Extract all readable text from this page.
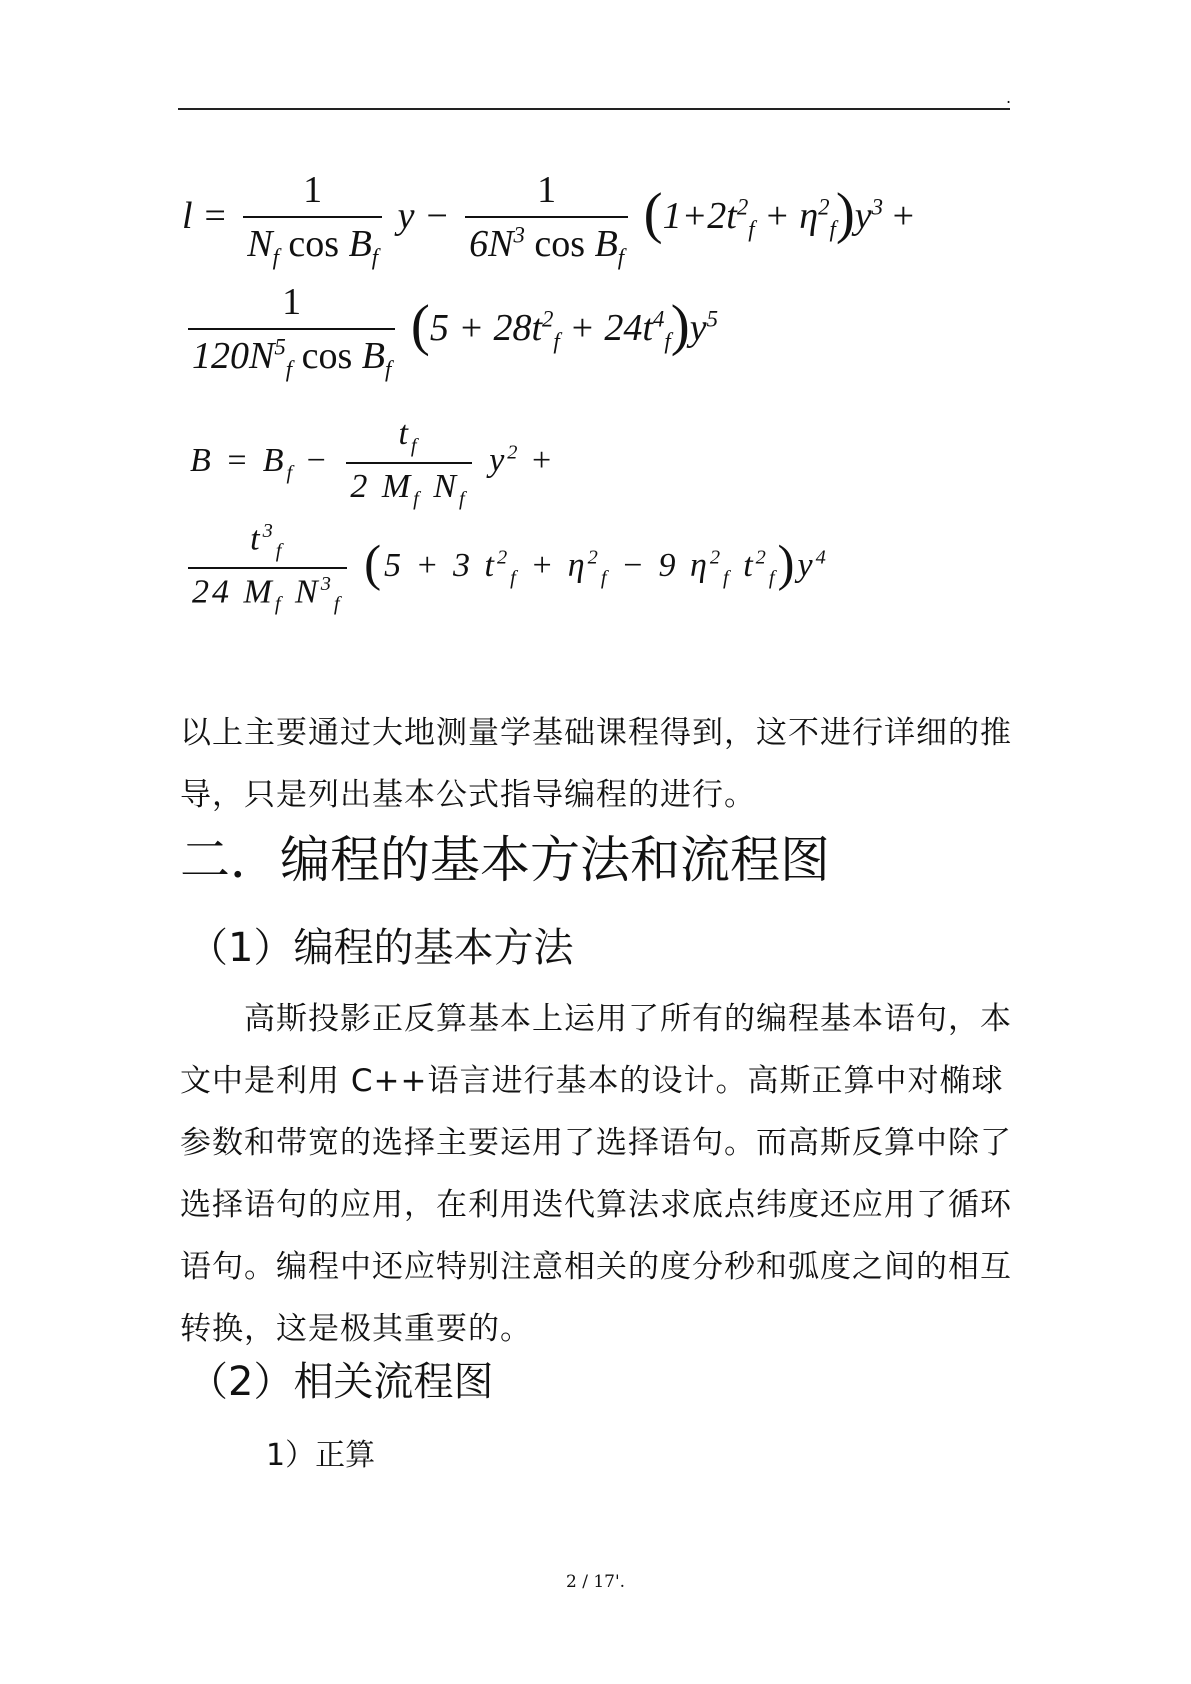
.
$l = \frac{1}{N_f \cos B_f}$ $y - \frac{1}{6N^3 \cos B_f} (1+2t^2_f + \eta^2_f)y^3$ +
$\frac{1}{120N^5_f \cos B_f} (5 + 28t^2_f + 24t^4_f)y^5$
$B = B_f - \frac{t_f}{2 M_f N_f} y^2$ +
$\frac{t^3_f}{24 M_f N^3_f} (5 + 3$ $t^2_f + \eta^2_f - 9$ $\eta^2_f$ $t^2_f)y^4$
以上主要通过大地测量学基础课程得到，这不进行详细的推导，只是列出基本公式指导编程的进行。
二．编程的基本方法和流程图
（1）编程的基本方法
高斯投影正反算基本上运用了所有的编程基本语句，本文中是利用 C++语言进行基本的设计。高斯正算中对椭球参数和带宽的选择主要运用了选择语句。而高斯反算中除了选择语句的应用，在利用迭代算法求底点纬度还应用了循环语句。编程中还应特别注意相关的度分秒和弧度之间的相互转换，这是极其重要的。
（2）相关流程图
1）正算
2 / 17'.
